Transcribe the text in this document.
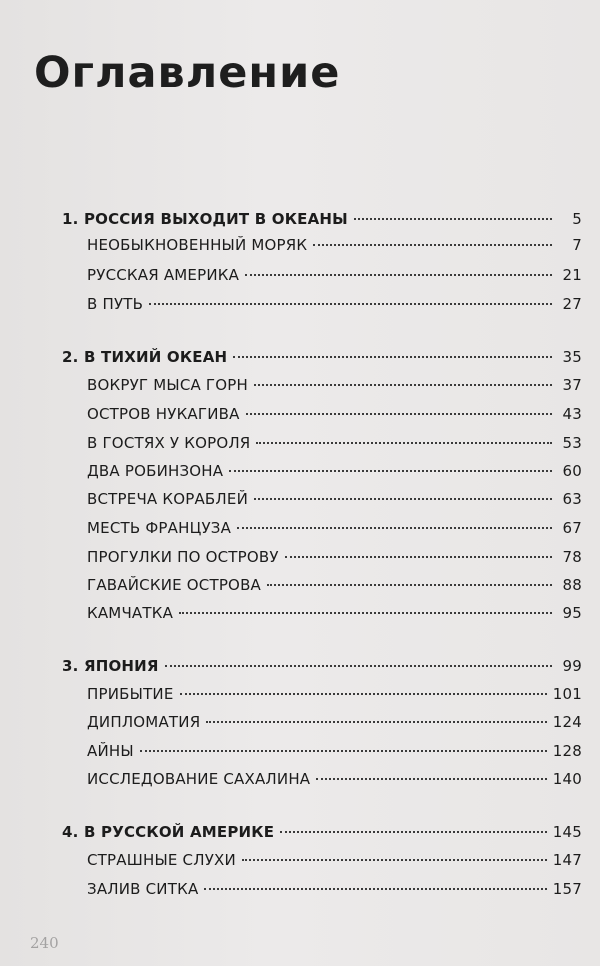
Оглавление
1. РОССИЯ ВЫХОДИТ В ОКЕАНЫ	5
НЕОБЫКНОВЕННЫЙ МОРЯК	7
РУССКАЯ АМЕРИКА	21
В ПУТЬ	27
2. В ТИХИЙ ОКЕАН	35
ВОКРУГ МЫСА ГОРН	37
ОСТРОВ НУКАГИВА	43
В ГОСТЯХ У КОРОЛЯ	53
ДВА РОБИНЗОНА	60
ВСТРЕЧА КОРАБЛЕЙ	63
МЕСТЬ ФРАНЦУЗА	67
ПРОГУЛКИ ПО ОСТРОВУ	78
ГАВАЙСКИЕ ОСТРОВА	88
КАМЧАТКА	95
3. ЯПОНИЯ	99
ПРИБЫТИЕ	101
ДИПЛОМАТИЯ	124
АЙНЫ	128
ИССЛЕДОВАНИЕ САХАЛИНА	140
4. В РУССКОЙ АМЕРИКЕ	145
СТРАШНЫЕ СЛУХИ	147
ЗАЛИВ СИТКА	157
240
